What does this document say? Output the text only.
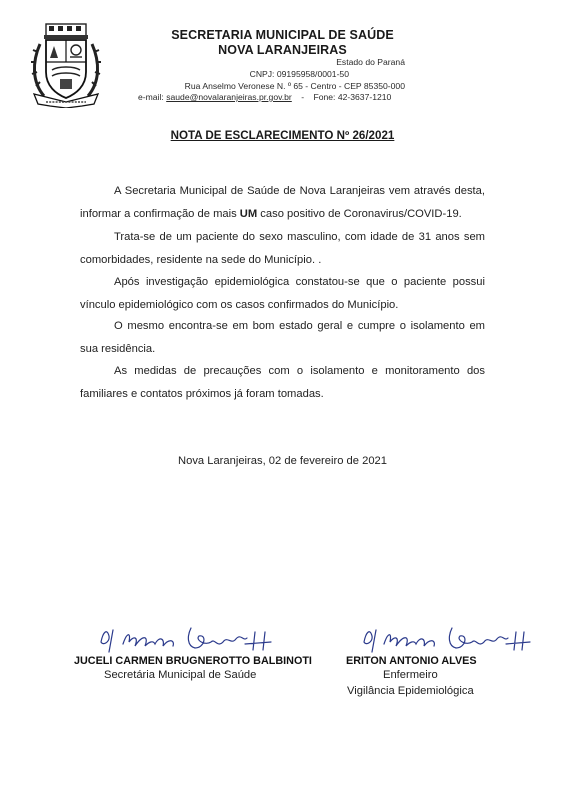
SECRETARIA MUNICIPAL DE SAÚDE
NOVA LARANJEIRAS
Estado do Paraná
CNPJ: 09195958/0001-50
Rua Anselmo Veronese N. º 65 - Centro - CEP 85350-000
e-mail: saude@novalaranjeiras.pr.gov.br - Fone: 42-3637-1210
NOTA DE ESCLARECIMENTO Nº 26/2021

A Secretaria Municipal de Saúde de Nova Laranjeiras vem através desta, informar a confirmação de mais UM caso positivo de Coronavirus/COVID-19.

Trata-se de um paciente do sexo masculino, com idade de 31 anos sem comorbidades, residente na sede do Município. .

Após investigação epidemiológica constatou-se que o paciente possui vínculo epidemiológico com os casos confirmados do Município.

O mesmo encontra-se em bom estado geral e cumpre o isolamento em sua residência.

As medidas de precauções com o isolamento e monitoramento dos familiares e contatos próximos já foram tomadas.

Nova Laranjeiras, 02 de fevereiro de 2021
JUCELI CARMEN BRUGNEROTTO BALBINOTI
Secretária Municipal de Saúde
ERITON ANTONIO ALVES
Enfermeiro
Vigilância Epidemiológica
